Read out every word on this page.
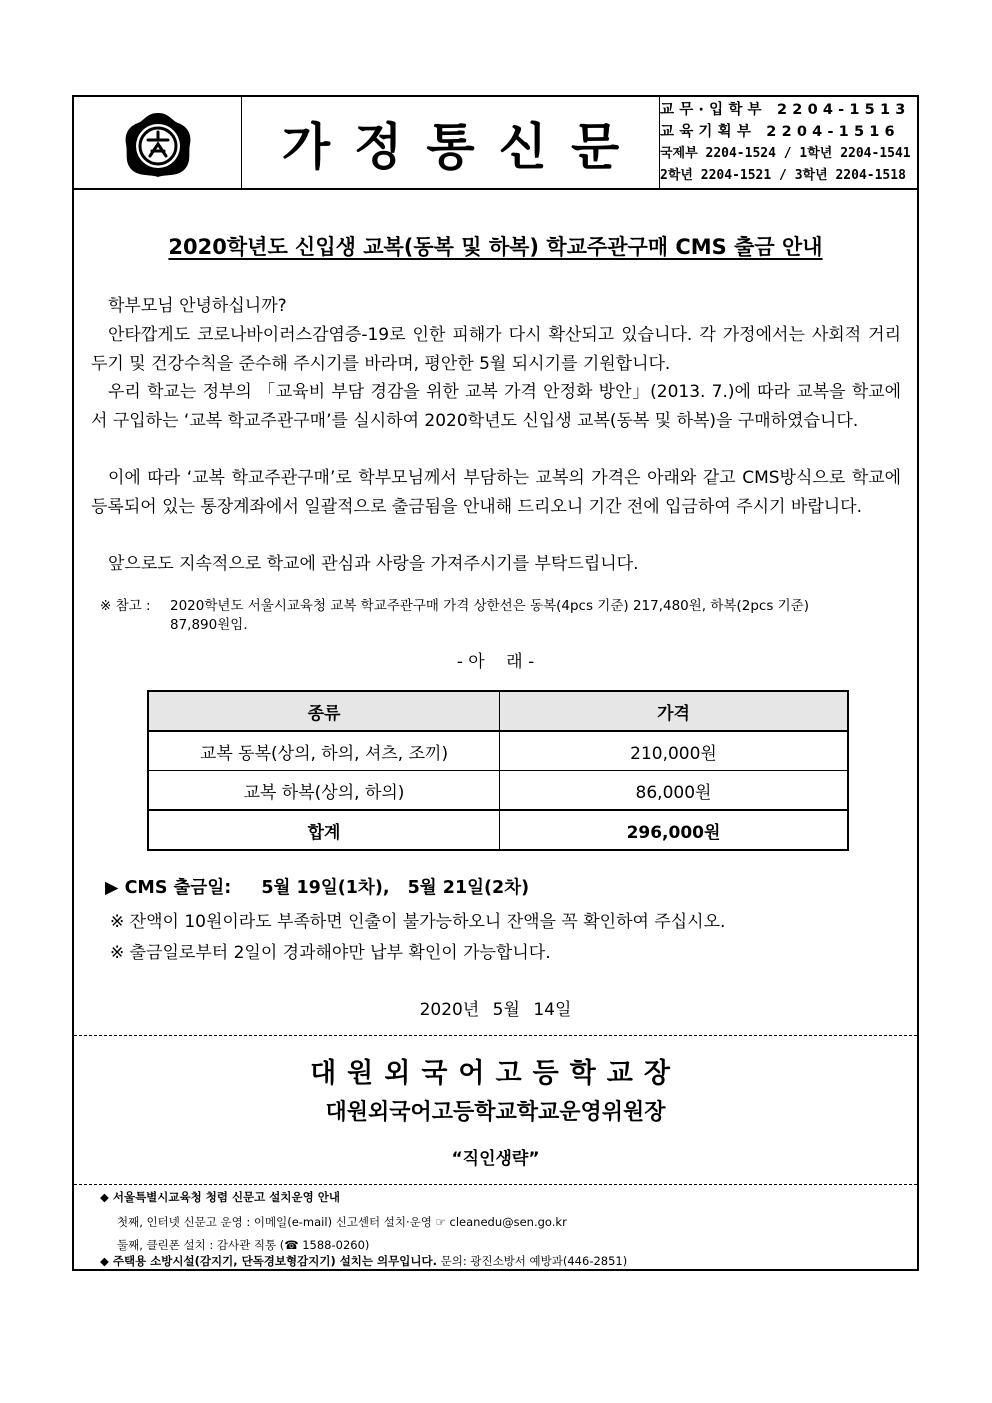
가정통신문
교무·입학부 2204-1513
교육기획부 2204-1516
국제부 2204-1524 / 1학년 2204-1541
2학년 2204-1521 / 3학년 2204-1518
2020학년도 신입생 교복(동복 및 하복) 학교주관구매 CMS 출금 안내

학부모님 안녕하십니까?

안타깝게도 코로나바이러스감염증-19로 인한 피해가 다시 확산되고 있습니다. 각 가정에서는 사회적 거리두기 및 건강수칙을 준수해 주시기를 바라며, 평안한 5월 되시기를 기원합니다.

우리 학교는 정부의 「교육비 부담 경감을 위한 교복 가격 안정화 방안」(2013. 7.)에 따라 교복을 학교에서 구입하는 ‘교복 학교주관구매’를 실시하여 2020학년도 신입생 교복(동복 및 하복)을 구매하였습니다.

이에 따라 ‘교복 학교주관구매’로 학부모님께서 부담하는 교복의 가격은 아래와 같고 CMS방식으로 학교에 등록되어 있는 통장계좌에서 일괄적으로 출금됨을 안내해 드리오니 기간 전에 입금하여 주시기 바랍니다.

앞으로도 지속적으로 학교에 관심과 사랑을 가져주시기를 부탁드립니다.

※ 참고 : 2020학년도 서울시교육청 교복 학교주관구매 가격 상한선은 동복(4pcs 기준) 217,480원, 하복(2pcs 기준)
87,890원임.
- 아    래 -
종류	가격
교복 동복(상의, 하의, 셔츠, 조끼)	210,000원
교복 하복(상의, 하의)	86,000원
합계	296,000원
▶ CMS 출금일: 5월 19일(1차), 5월 21일(2차)
※ 잔액이 10원이라도 부족하면 인출이 불가능하오니 잔액을 꼭 확인하여 주십시오.
※ 출금일로부터 2일이 경과해야만 납부 확인이 가능합니다.
2020년 5월 14일
대원외국어고등학교장
대원외국어고등학교학교운영위원장
“직인생략”
◆ 서울특별시교육청 청렴 신문고 설치운영 안내
첫째, 인터넷 신문고 운영 : 이메일(e-mail) 신고센터 설치·운영 ☞ cleanedu@sen.go.kr
둘째, 클린폰 설치 : 감사관 직통 (☎ 1588-0260)
◆ 주택용 소방시설(감지기, 단독경보형감지기) 설치는 의무입니다. 문의: 광진소방서 예방과(446-2851)
